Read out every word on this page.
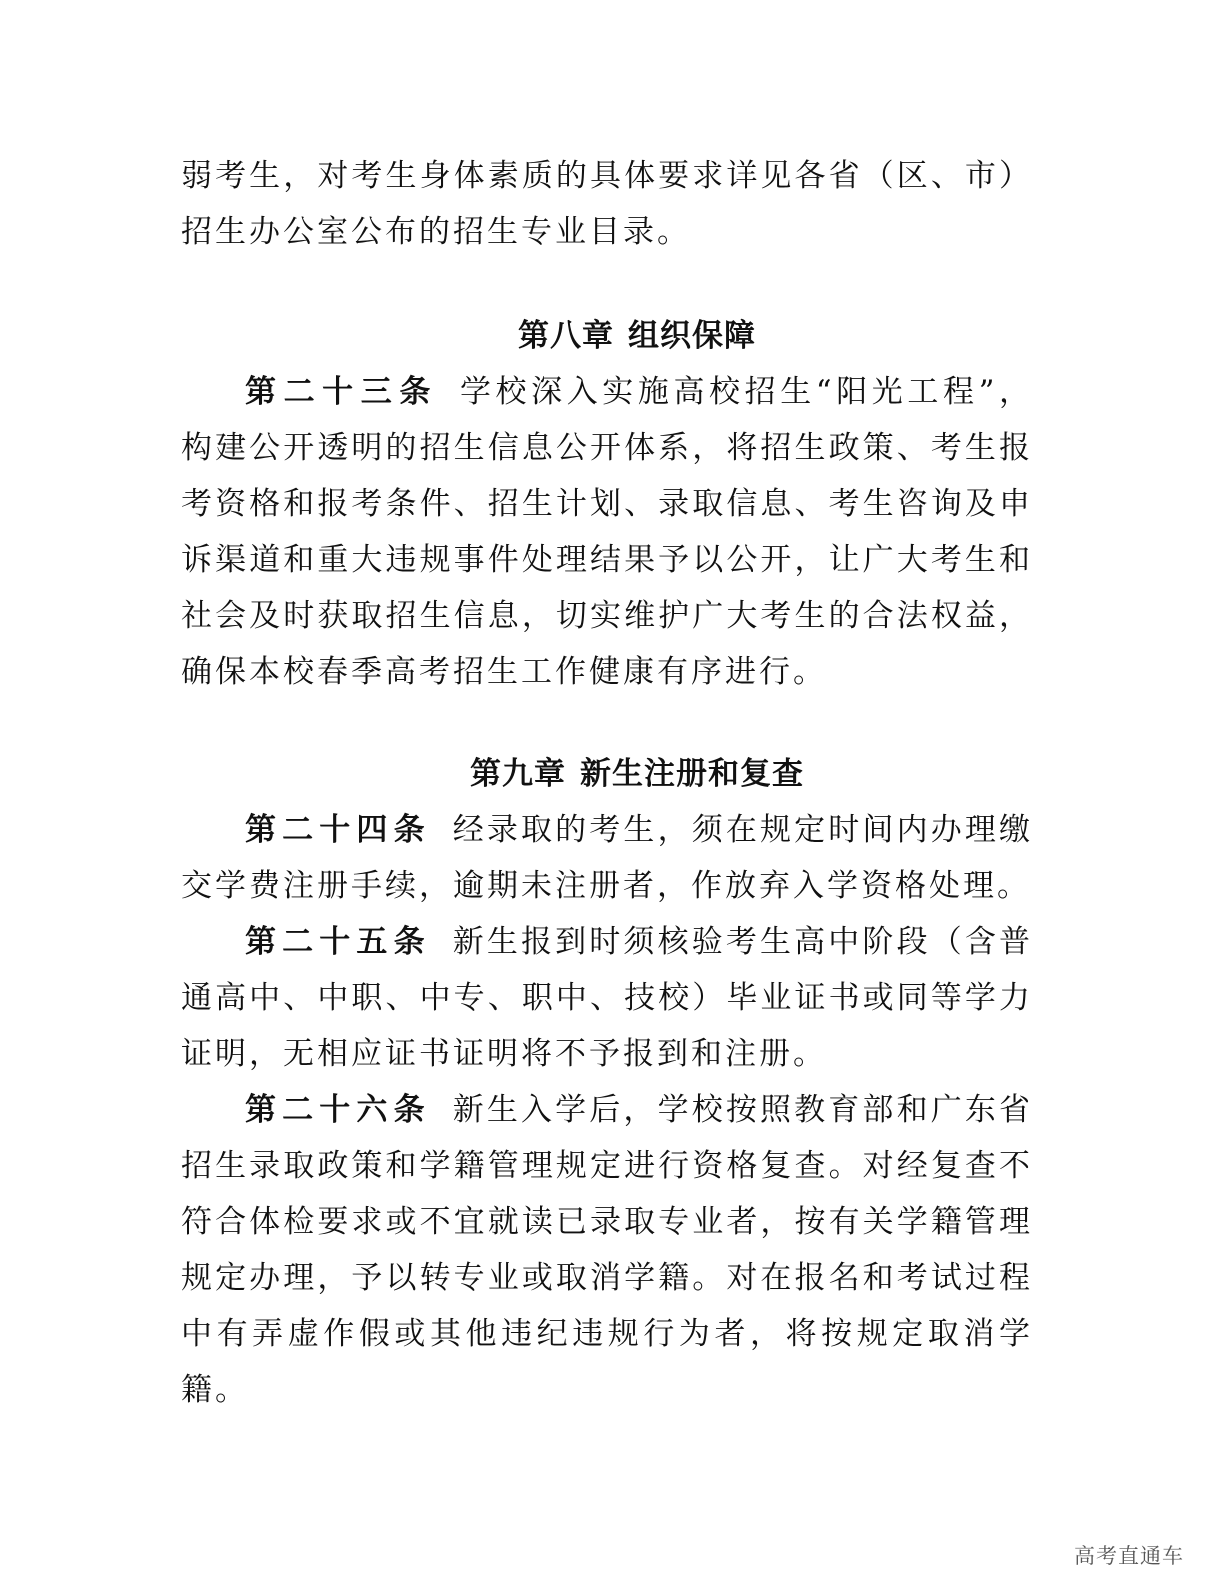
弱考生，对考生身体素质的具体要求详见各省（区、市）招生办公室公布的招生专业目录。

第八章 组织保障

第二十三条 学校深入实施高校招生“阳光工程”，构建公开透明的招生信息公开体系，将招生政策、考生报考资格和报考条件、招生计划、录取信息、考生咨询及申诉渠道和重大违规事件处理结果予以公开，让广大考生和社会及时获取招生信息，切实维护广大考生的合法权益，确保本校春季高考招生工作健康有序进行。

第九章 新生注册和复查

第二十四条 经录取的考生，须在规定时间内办理缴交学费注册手续，逾期未注册者，作放弃入学资格处理。

第二十五条 新生报到时须核验考生高中阶段（含普通高中、中职、中专、职中、技校）毕业证书或同等学力证明，无相应证书证明将不予报到和注册。

第二十六条 新生入学后，学校按照教育部和广东省招生录取政策和学籍管理规定进行资格复查。对经复查不符合体检要求或不宜就读已录取专业者，按有关学籍管理规定办理，予以转专业或取消学籍。对在报名和考试过程中有弄虚作假或其他违纪违规行为者，将按规定取消学籍。

高考直通车
